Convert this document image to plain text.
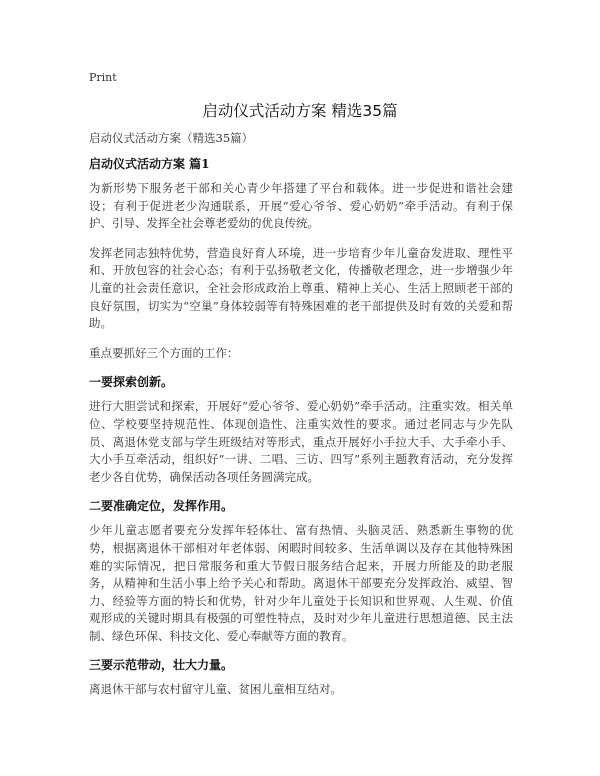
Print
启动仪式活动方案 精选35篇

启动仪式活动方案（精选35篇）

启动仪式活动方案 篇1

为新形势下服务老干部和关心青少年搭建了平台和载体。进一步促进和谐社会建设；有利于促进老少沟通联系，开展“爱心爷爷、爱心奶奶”牵手活动。有利于保护、引导、发挥全社会尊老爱幼的优良传统。

发挥老同志独特优势，营造良好育人环境，进一步培育少年儿童奋发进取、理性平和、开放包容的社会心态；有利于弘扬敬老文化，传播敬老理念，进一步增强少年儿童的社会责任意识，全社会形成政治上尊重、精神上关心、生活上照顾老干部的良好氛围，切实为“空巢”身体较弱等有特殊困难的老干部提供及时有效的关爱和帮助。

重点要抓好三个方面的工作：

一要探索创新。

进行大胆尝试和探索，开展好“爱心爷爷、爱心奶奶”牵手活动。注重实效。相关单位、学校要坚持规范性、体现创造性、注重实效性的要求。通过老同志与少先队员、离退休党支部与学生班级结对等形式，重点开展好小手拉大手、大手牵小手、大小手互牵活动，组织好“一讲、二唱、三访、四写”系列主题教育活动，充分发挥老少各自优势，确保活动各项任务圆满完成。

二要准确定位，发挥作用。

少年儿童志愿者要充分发挥年轻体壮、富有热情、头脑灵活、熟悉新生事物的优势，根据离退休干部相对年老体弱、闲暇时间较多、生活单调以及存在其他特殊困难的实际情况，把日常服务和重大节假日服务结合起来，开展力所能及的助老服务，从精神和生活小事上给予关心和帮助。离退休干部要充分发挥政治、威望、智力、经验等方面的特长和优势，针对少年儿童处于长知识和世界观、人生观、价值观形成的关键时期具有极强的可塑性特点，及时对少年儿童进行思想道德、民主法制、绿色环保、科技文化、爱心奉献等方面的教育。

三要示范带动，壮大力量。

离退休干部与农村留守儿童、贫困儿童相互结对。
